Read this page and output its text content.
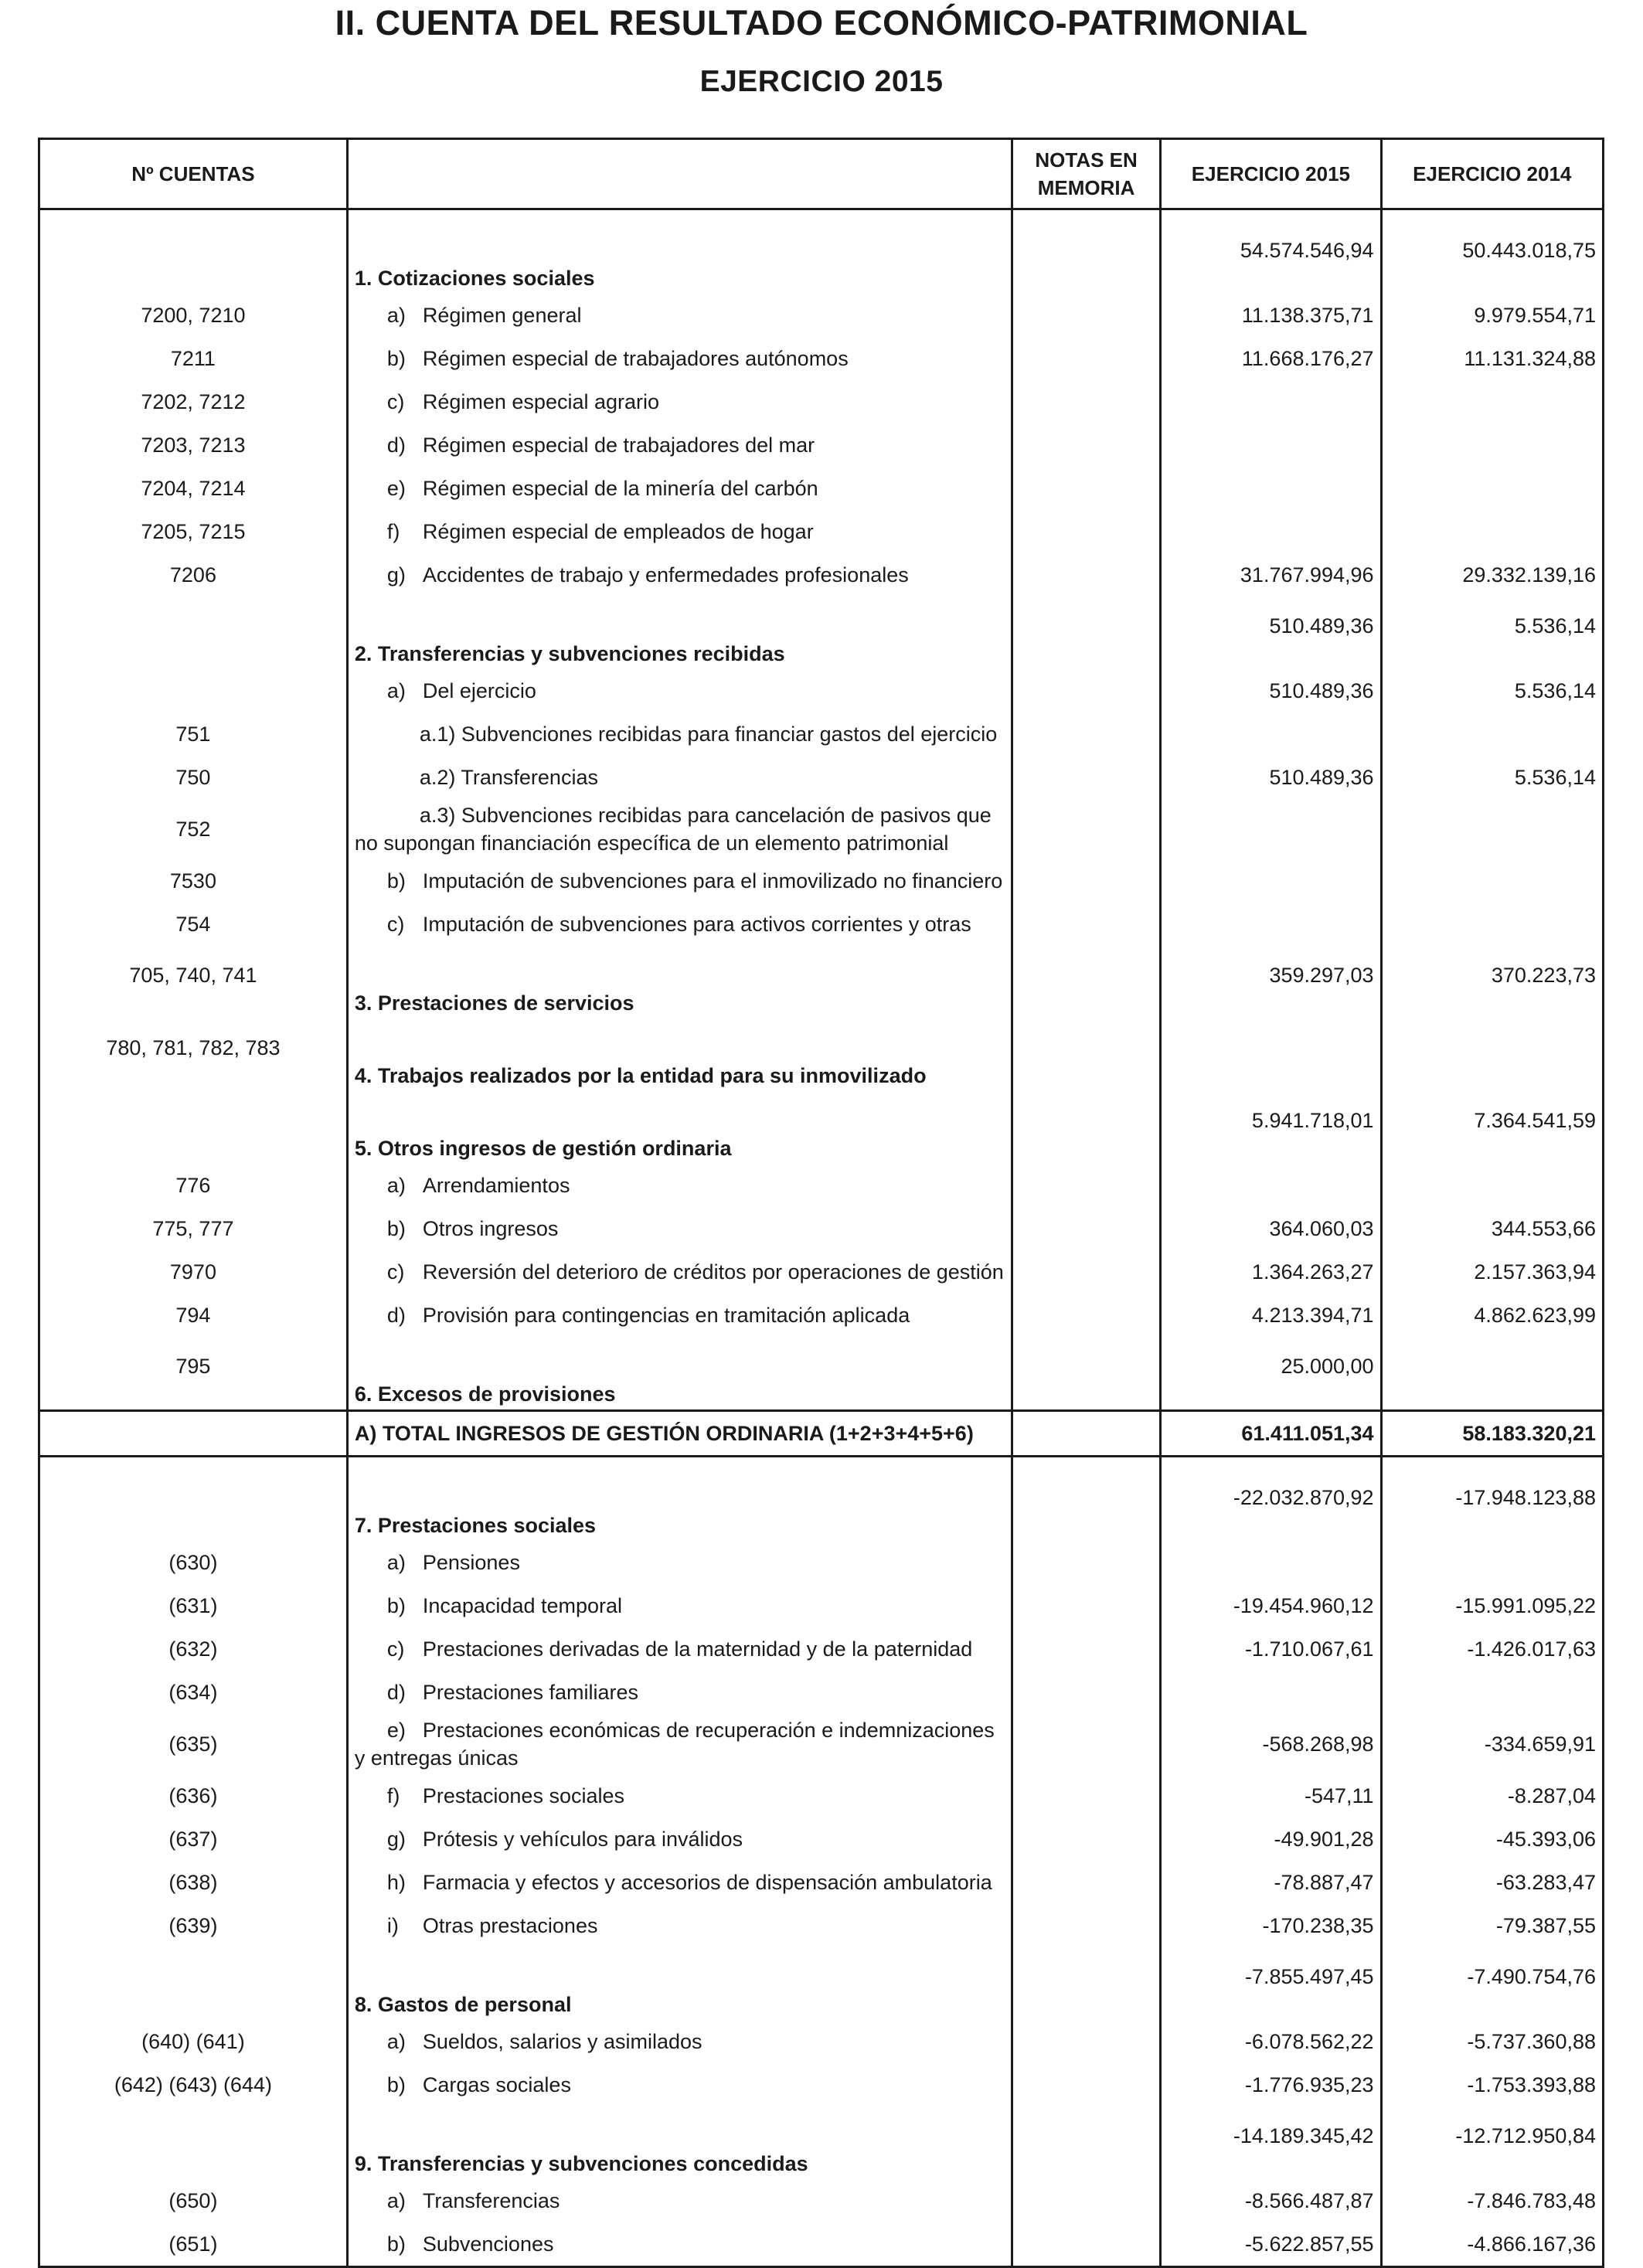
II. CUENTA DEL RESULTADO ECONÓMICO-PATRIMONIAL
EJERCICIO 2015
Nº CUENTAS		NOTAS EN MEMORIA	EJERCICIO 2015	EJERCICIO 2014

	1. Cotizaciones sociales		54.574.546,94	50.443.018,75
7200, 7210	a) Régimen general		11.138.375,71	9.979.554,71
7211	b) Régimen especial de trabajadores autónomos		11.668.176,27	11.131.324,88
7202, 7212	c) Régimen especial agrario			
7203, 7213	d) Régimen especial de trabajadores del mar			
7204, 7214	e) Régimen especial de la minería del carbón			
7205, 7215	f) Régimen especial de empleados de hogar			
7206	g) Accidentes de trabajo y enfermedades profesionales		31.767.994,96	29.332.139,16
	2. Transferencias y subvenciones recibidas		510.489,36	5.536,14
	a) Del ejercicio		510.489,36	5.536,14
751	a.1) Subvenciones recibidas para financiar gastos del ejercicio			
750	a.2) Transferencias		510.489,36	5.536,14
752	a.3) Subvenciones recibidas para cancelación de pasivos que
no supongan financiación específica de un elemento patrimonial			
7530	b) Imputación de subvenciones para el inmovilizado no financiero			
754	c) Imputación de subvenciones para activos corrientes y otras			
705, 740, 741	3. Prestaciones de servicios		359.297,03	370.223,73
780, 781, 782, 783	4. Trabajos realizados por la entidad para su inmovilizado			
	5. Otros ingresos de gestión ordinaria		5.941.718,01	7.364.541,59
776	a) Arrendamientos			
775, 777	b) Otros ingresos		364.060,03	344.553,66
7970	c) Reversión del deterioro de créditos por operaciones de gestión		1.364.263,27	2.157.363,94
794	d) Provisión para contingencias en tramitación aplicada		4.213.394,71	4.862.623,99
795	6. Excesos de provisiones		25.000,00	
	A) TOTAL INGRESOS DE GESTIÓN ORDINARIA (1+2+3+4+5+6)		61.411.051,34	58.183.320,21

	7. Prestaciones sociales		-22.032.870,92	-17.948.123,88
(630)	a) Pensiones			
(631)	b) Incapacidad temporal		-19.454.960,12	-15.991.095,22
(632)	c) Prestaciones derivadas de la maternidad y de la paternidad		-1.710.067,61	-1.426.017,63
(634)	d) Prestaciones familiares			
(635)	e) Prestaciones económicas de recuperación e indemnizaciones
y entregas únicas		-568.268,98	-334.659,91
(636)	f) Prestaciones sociales		-547,11	-8.287,04
(637)	g) Prótesis y vehículos para inválidos		-49.901,28	-45.393,06
(638)	h) Farmacia y efectos y accesorios de dispensación ambulatoria		-78.887,47	-63.283,47
(639)	i) Otras prestaciones		-170.238,35	-79.387,55
	8. Gastos de personal		-7.855.497,45	-7.490.754,76
(640) (641)	a) Sueldos, salarios y asimilados		-6.078.562,22	-5.737.360,88
(642) (643) (644)	b) Cargas sociales		-1.776.935,23	-1.753.393,88
	9. Transferencias y subvenciones concedidas		-14.189.345,42	-12.712.950,84
(650)	a) Transferencias		-8.566.487,87	-7.846.783,48
(651)	b) Subvenciones		-5.622.857,55	-4.866.167,36
